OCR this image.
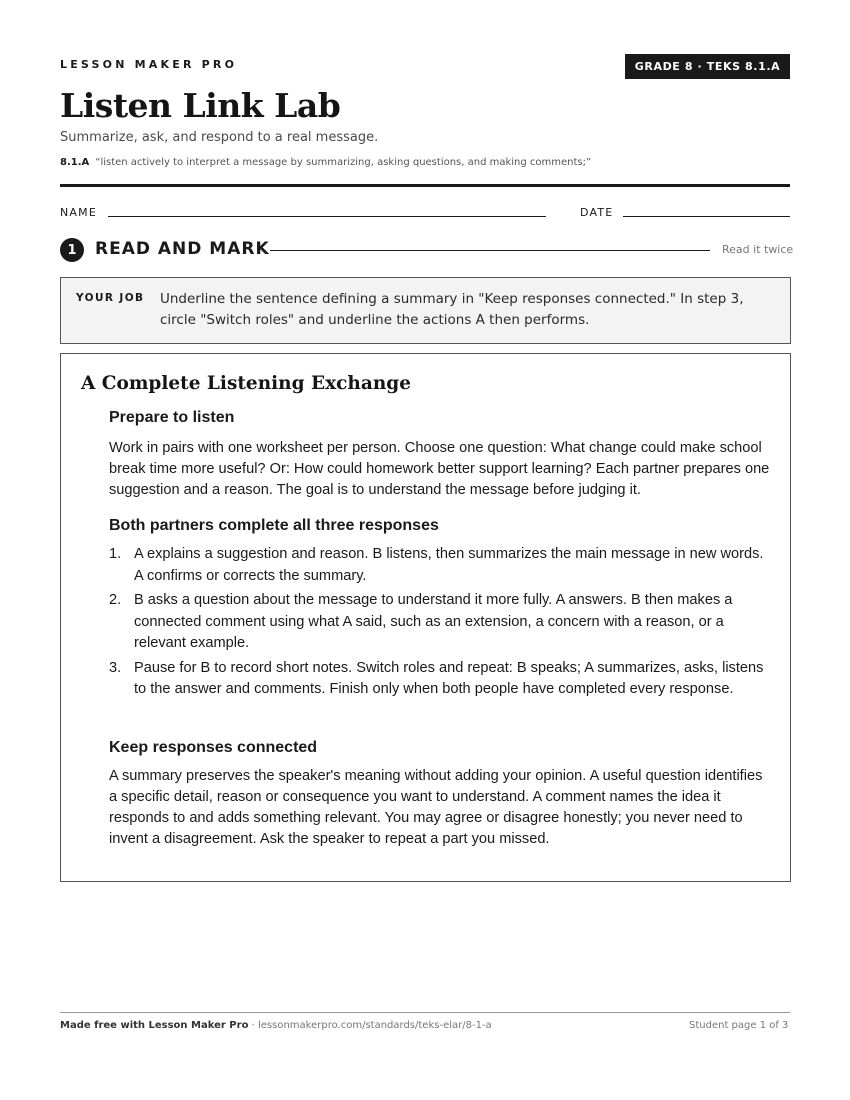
LESSON MAKER PRO	GRADE 8 · TEKS 8.1.A
Listen Link Lab
Summarize, ask, and respond to a real message.
8.1.A “listen actively to interpret a message by summarizing, asking questions, and making comments;”
NAME	DATE
1	READ AND MARK	Read it twice
YOUR JOB Underline the sentence defining a summary in "Keep responses connected." In step 3, circle "Switch roles" and underline the actions A then performs.
A Complete Listening Exchange
Prepare to listen

Work in pairs with one worksheet per person. Choose one question: What change could make school break time more useful? Or: How could homework better support learning? Each partner prepares one suggestion and a reason. The goal is to understand the message before judging it.

Both partners complete all three responses
1. A explains a suggestion and reason. B listens, then summarizes the main message in new words. A confirms or corrects the summary.
2. B asks a question about the message to understand it more fully. A answers. B then makes a connected comment using what A said, such as an extension, a concern with a reason, or a relevant example.
3. Pause for B to record short notes. Switch roles and repeat: B speaks; A summarizes, asks, listens to the answer and comments. Finish only when both people have completed every response.
Keep responses connected

A summary preserves the speaker's meaning without adding your opinion. A useful question identifies a specific detail, reason or consequence you want to understand. A comment names the idea it responds to and adds something relevant. You may agree or disagree honestly; you never need to invent a disagreement. Ask the speaker to repeat a part you missed.

Made free with Lesson Maker Pro · lessonmakerpro.com/standards/teks-elar/8-1-a	Student page 1 of 3
